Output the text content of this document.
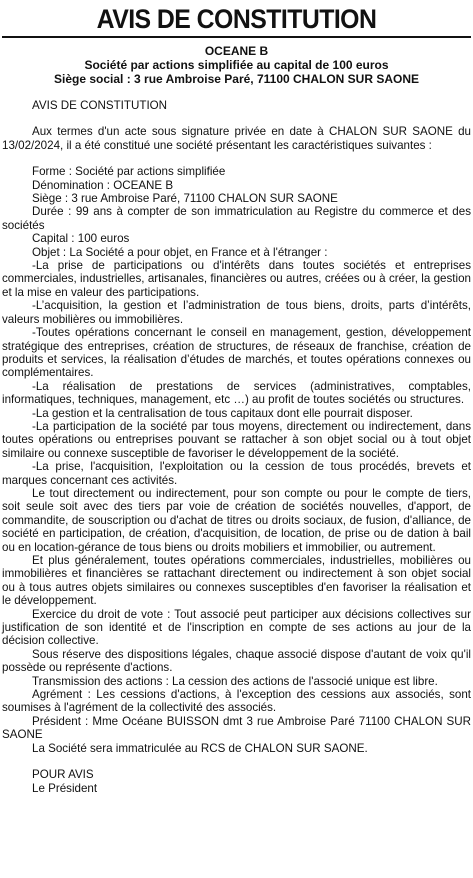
AVIS DE CONSTITUTION
OCEANE B
Société par actions simplifiée au capital de 100 euros
Siège social : 3 rue Ambroise Paré, 71100 CHALON SUR SAONE

AVIS DE CONSTITUTION

Aux termes d'un acte sous signature privée en date à CHALON SUR SAONE du 13/02/2024, il a été constitué une société présentant les caractéristiques suivantes :

Forme : Société par actions simplifiée

Dénomination : OCEANE B

Siège : 3 rue Ambroise Paré, 71100 CHALON SUR SAONE

Durée : 99 ans à compter de son immatriculation au Registre du commerce et des sociétés

Capital : 100 euros

Objet : La Société a pour objet, en France et à l'étranger :

-La prise de participations ou d'intérêts dans toutes sociétés et entreprises commerciales, industrielles, artisanales, financières ou autres, créées ou à créer, la gestion et la mise en valeur des participations.

-L’acquisition, la gestion et l’administration de tous biens, droits, parts d’intérêts, valeurs mobilières ou immobilières.

-Toutes opérations concernant le conseil en management, gestion, développement stratégique des entreprises, création de structures, de réseaux de franchise, création de produits et services, la réalisation d’études de marchés, et toutes opérations connexes ou complémentaires.

-La réalisation de prestations de services (administratives, comptables, informatiques, techniques, management, etc …) au profit de toutes sociétés ou structures.

-La gestion et la centralisation de tous capitaux dont elle pourrait disposer.

-La participation de la société par tous moyens, directement ou indirectement, dans toutes opérations ou entreprises pouvant se rattacher à son objet social ou à tout objet similaire ou connexe susceptible de favoriser le développement de la société.

-La prise, l'acquisition, l'exploitation ou la cession de tous procédés, brevets et marques concernant ces activités.

Le tout directement ou indirectement, pour son compte ou pour le compte de tiers, soit seule soit avec des tiers par voie de création de sociétés nouvelles, d'apport, de commandite, de souscription ou d'achat de titres ou droits sociaux, de fusion, d'alliance, de société en participation, de création, d'acquisition, de location, de prise ou de dation à bail ou en location-gérance de tous biens ou droits mobiliers et immobilier, ou autrement.

Et plus généralement, toutes opérations commerciales, industrielles, mobilières ou immobilières et financières se rattachant directement ou indirectement à son objet social ou à tous autres objets similaires ou connexes susceptibles d'en favoriser la réalisation et le développement.

Exercice du droit de vote : Tout associé peut participer aux décisions collectives sur justification de son identité et de l'inscription en compte de ses actions au jour de la décision collective.

Sous réserve des dispositions légales, chaque associé dispose d'autant de voix qu'il possède ou représente d'actions.

Transmission des actions : La cession des actions de l'associé unique est libre.

Agrément : Les cessions d'actions, à l'exception des cessions aux associés, sont soumises à l'agrément de la collectivité des associés.

Président : Mme Océane BUISSON dmt 3 rue Ambroise Paré 71100 CHALON SUR SAONE

La Société sera immatriculée au RCS de CHALON SUR SAONE.

POUR AVIS
Le Président
